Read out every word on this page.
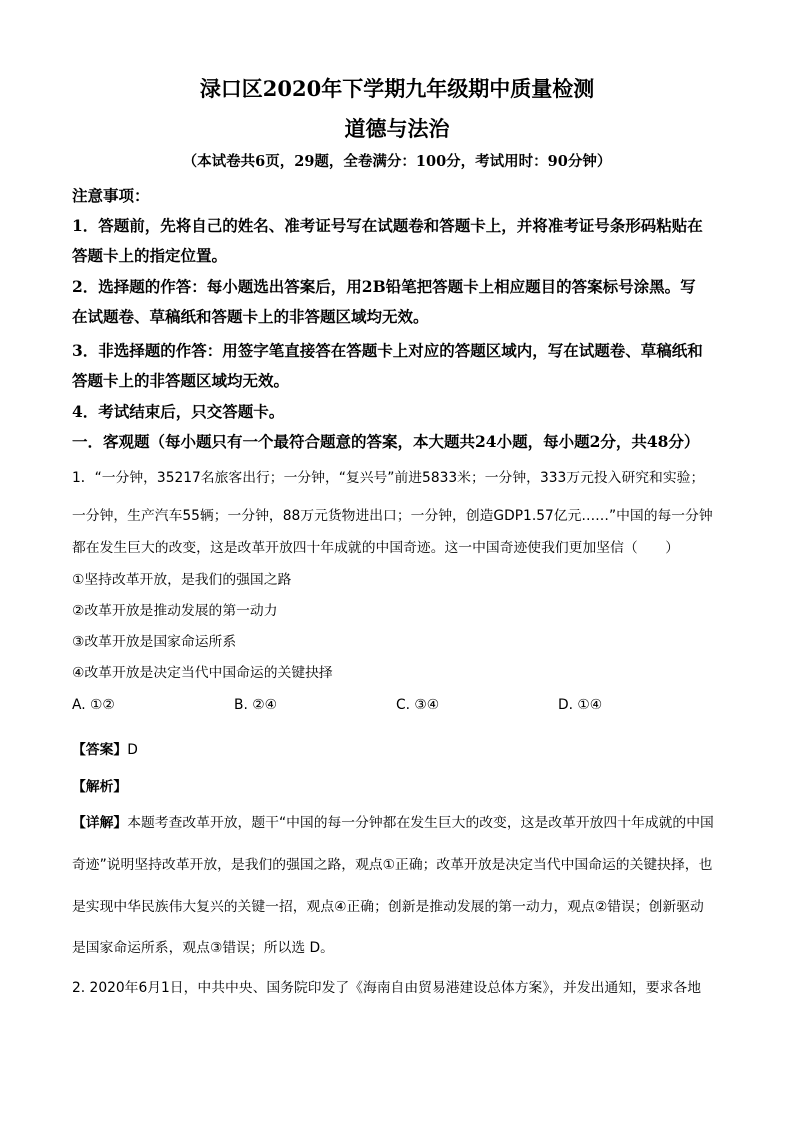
渌口区2020年下学期九年级期中质量检测
道德与法治
（本试卷共6页，29题，全卷满分：100分，考试用时：90分钟）
注意事项：
1．答题前，先将自己的姓名、准考证号写在试题卷和答题卡上，并将准考证号条形码粘贴在
答题卡上的指定位置。
2．选择题的作答：每小题选出答案后，用2B铅笔把答题卡上相应题目的答案标号涂黑。写
在试题卷、草稿纸和答题卡上的非答题区域均无效。
3．非选择题的作答：用签字笔直接答在答题卡上对应的答题区域内，写在试题卷、草稿纸和
答题卡上的非答题区域均无效。
4．考试结束后，只交答题卡。
一．客观题（每小题只有一个最符合题意的答案，本大题共24小题，每小题2分，共48分）
1．“一分钟，35217名旅客出行；一分钟，“复兴号”前进5833米；一分钟，333万元投入研究和实验；
一分钟，生产汽车55辆；一分钟，88万元货物进出口；一分钟，创造GDP1.57亿元……”中国的每一分钟
都在发生巨大的改变，这是改革开放四十年成就的中国奇迹。这一中国奇迹使我们更加坚信（　　）
①坚持改革开放，是我们的强国之路
②改革开放是推动发展的第一动力
③改革开放是国家命运所系
④改革开放是决定当代中国命运的关键抉择
A. ①②	B. ②④	C. ③④	D. ①④
【答案】D
【解析】
【详解】本题考查改革开放，题干“中国的每一分钟都在发生巨大的改变，这是改革开放四十年成就的中国
奇迹”说明坚持改革开放，是我们的强国之路，观点①正确；改革开放是决定当代中国命运的关键抉择，也
是实现中华民族伟大复兴的关键一招，观点④正确；创新是推动发展的第一动力，观点②错误；创新驱动
是国家命运所系，观点③错误；所以选 D。
2. 2020年6月1日，中共中央、国务院印发了《海南自由贸易港建设总体方案》，并发出通知，要求各地
